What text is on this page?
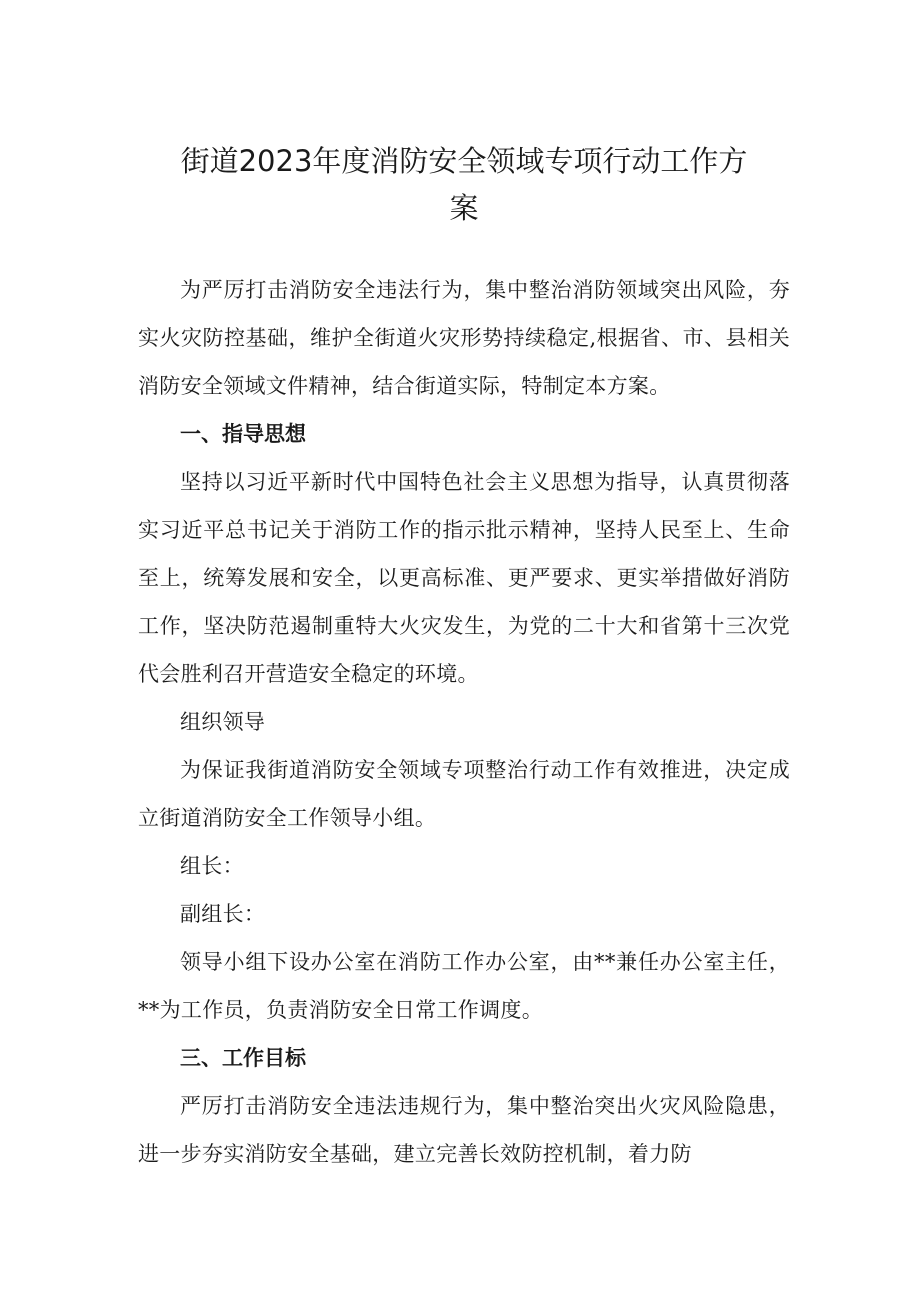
街道2023年度消防安全领域专项行动工作方
案

为严厉打击消防安全违法行为，集中整治消防领域突出风险，夯实火灾防控基础，维护全街道火灾形势持续稳定,根据省、市、县相关消防安全领域文件精神，结合街道实际，特制定本方案。

一、指导思想

坚持以习近平新时代中国特色社会主义思想为指导，认真贯彻落实习近平总书记关于消防工作的指示批示精神，坚持人民至上、生命至上，统筹发展和安全，以更高标准、更严要求、更实举措做好消防工作，坚决防范遏制重特大火灾发生，为党的二十大和省第十三次党代会胜利召开营造安全稳定的环境。

组织领导

为保证我街道消防安全领域专项整治行动工作有效推进，决定成立街道消防安全工作领导小组。

组长：

副组长：

领导小组下设办公室在消防工作办公室，由**兼任办公室主任，**为工作员，负责消防安全日常工作调度。

三、工作目标

严厉打击消防安全违法违规行为，集中整治突出火灾风险隐患，进一步夯实消防安全基础，建立完善长效防控机制，着力防
